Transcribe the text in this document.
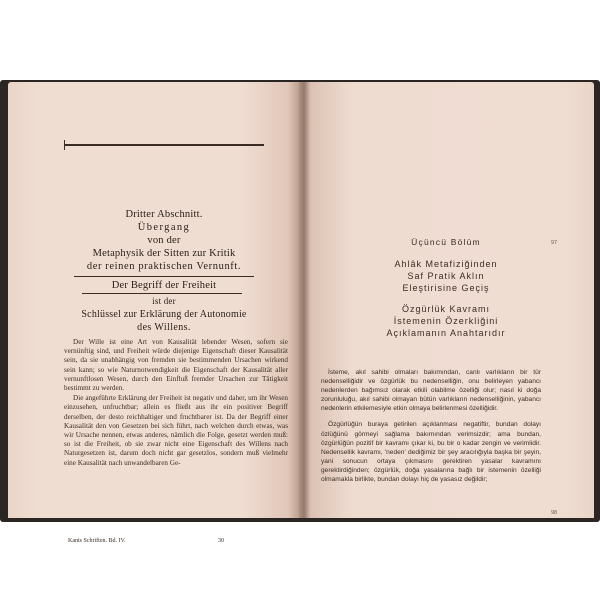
Dritter Abschnitt.
Übergang
von der
Metaphysik der Sitten zur Kritik
der reinen praktischen Vernunft.
Der Begriff der Freiheit
ist der
Schlüssel zur Erklärung der Autonomie
des Willens.

Der Wille ist eine Art von Kausalität lebender Wesen, sofern sie vernünftig sind, und Freiheit würde diejenige Eigenschaft dieser Kausalität sein, da sie unabhängig von fremden sie bestimmenden Ursachen wirkend sein kann; so wie Naturnotwendigkeit die Eigenschaft der Kausalität aller vernunftlosen Wesen, durch den Einfluß fremder Ursachen zur Tätigkeit bestimmt zu werden.

Die angeführte Erklärung der Freiheit ist negativ und daher, um ihr Wesen einzusehen, unfruchtbar; allein es fließt aus ihr ein positiver Begriff derselben, der desto reichhaltiger und fruchtbarer ist. Da der Begriff einer Kausalität den von Gesetzen bei sich führt, nach welchen durch etwas, was wir Ursache nennen, etwas anderes, nämlich die Folge, gesetzt werden muß: so ist die Freiheit, ob sie zwar nicht eine Eigenschaft des Willens nach Naturgesetzen ist, darum doch nicht gar gesetzlos, sondern muß vielmehr eine Kausalität nach unwandelbaren Ge-

Kants Schriften. Bd. IV.	30
Üçüncü Bölüm
Ahlâk Metafiziğinden
Saf Pratik Aklın
Eleştirisine Geçiş
Özgürlük Kavramı
İstemenin Özerkliğini
Açıklamanın Anahtarıdır
97
98

İsteme, akıl sahibi olmaları bakımından, canlı varlıkların bir tür nedenselliğidir ve özgürlük bu nedenselliğin, onu belirleyen yabancı nedenlerden bağımsız olarak etkili olabilme özelliği olur; nasıl ki doğa zorunluluğu, akıl sahibi olmayan bütün varlıkların nedenselliğinin, yabancı nedenlerin etkilemesiyle etkin olmaya belirlenmesi özelliğidir.

Özgürlüğün buraya getirilen açıklanması negatiftir, bundan dolayı özlüğünü görmeyi sağlama bakımından verimsizdir; ama bundan, özgürlüğün pozitif bir kavramı çıkar ki, bu bir o kadar zengin ve verimlidir. Nedensellik kavramı, 'neden' dediğimiz bir şey aracılığıyla başka bir şeyin, yani sonucun ortaya çıkmasını gerektiren yasalar kavramını gerektirdiğinden; özgürlük, doğa yasalarına bağlı bir istemenin özelliği olmamakla birlikte, bundan dolayı hiç de yasasız değildir;
